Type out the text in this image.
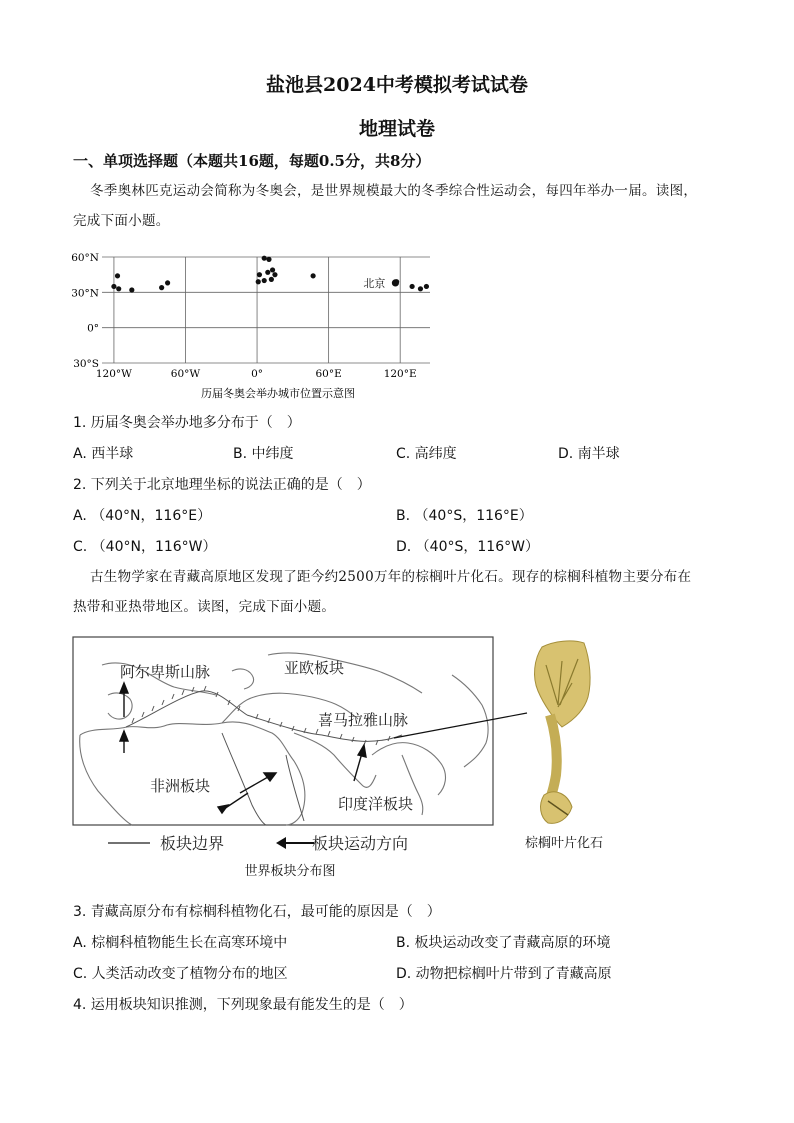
盐池县2024中考模拟考试试卷
地理试卷
一、单项选择题（本题共16题，每题0.5分，共8分）
冬季奥林匹克运动会简称为冬奥会，是世界规模最大的冬季综合性运动会，每四年举办一届。读图，
完成下面小题。
60°N
30°N
0°
30°S
120°W	60°W	0°	60°E	120°E
北京
历届冬奥会举办城市位置示意图
1. 历届冬奥会举办地多分布于（　）
A. 西半球	B. 中纬度	C. 高纬度	D. 南半球
2. 下列关于北京地理坐标的说法正确的是（　）
A. （40°N，116°E）	B. （40°S，116°E）
C. （40°N，116°W）	D. （40°S，116°W）
古生物学家在青藏高原地区发现了距今约2500万年的棕榈叶片化石。现存的棕榈科植物主要分布在
热带和亚热带地区。读图，完成下面小题。
阿尔卑斯山脉	亚欧板块
喜马拉雅山脉
非洲板块
印度洋板块
板块边界	板块运动方向
世界板块分布图
棕榈叶片化石
3. 青藏高原分布有棕榈科植物化石，最可能的原因是（　）
A. 棕榈科植物能生长在高寒环境中	B. 板块运动改变了青藏高原的环境
C. 人类活动改变了植物分布的地区	D. 动物把棕榈叶片带到了青藏高原
4. 运用板块知识推测，下列现象最有能发生的是（　）
